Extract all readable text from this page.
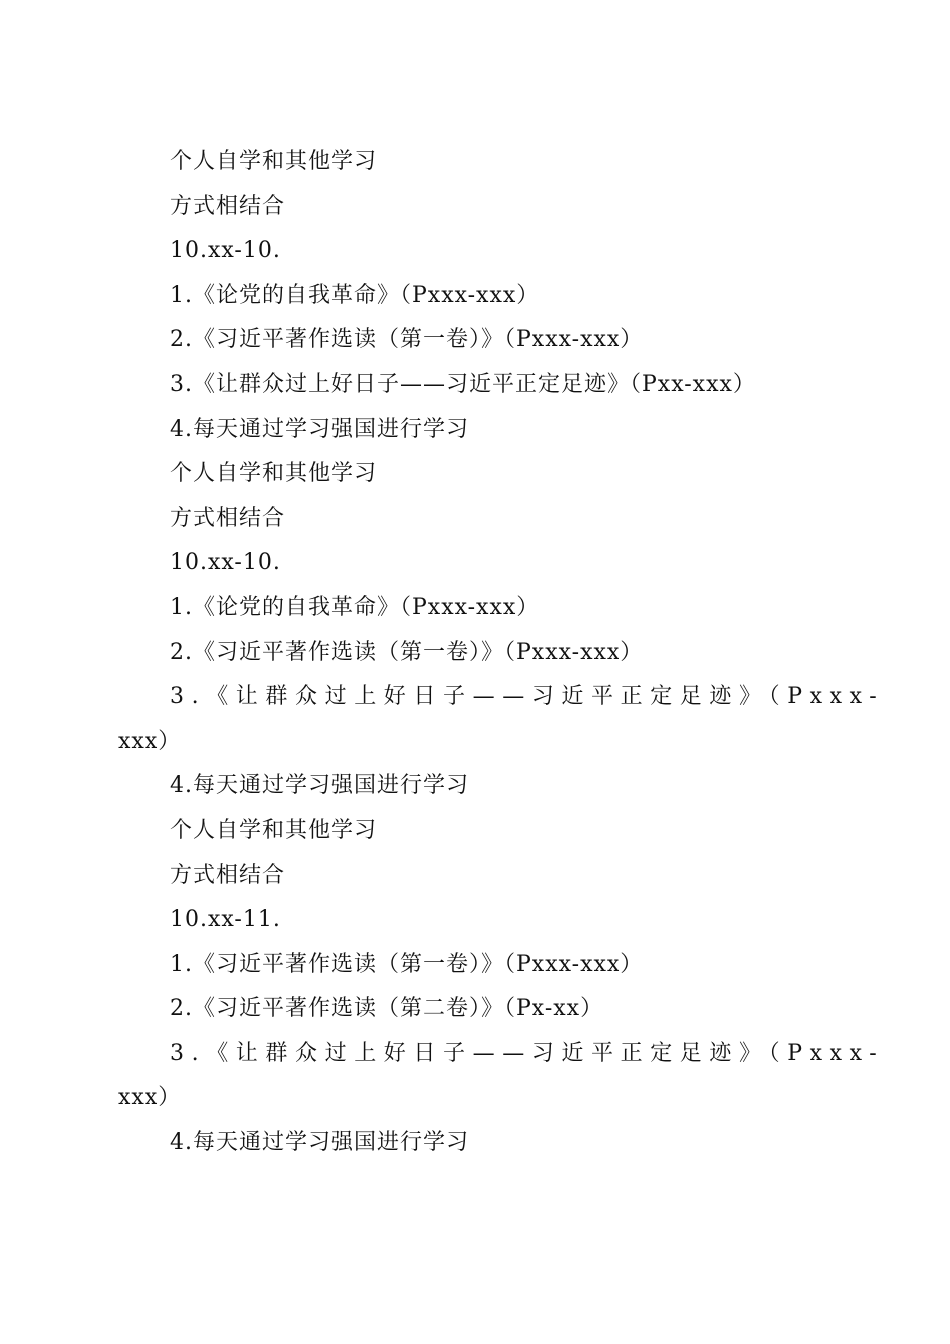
个人自学和其他学习
方式相结合
10.xx-10.
1.《论党的自我革命》（Pxxx-xxx）
2.《习近平著作选读（第一卷）》（Pxxx-xxx）
3.《让群众过上好日子——习近平正定足迹》（Pxx-xxx）
4.每天通过学习强国进行学习
个人自学和其他学习
方式相结合
10.xx-10.
1.《论党的自我革命》（Pxxx-xxx）
2.《习近平著作选读（第一卷）》（Pxxx-xxx）
3.《让群众过上好日子——习近平正定足迹》（Pxxx-
xxx）
4.每天通过学习强国进行学习
个人自学和其他学习
方式相结合
10.xx-11.
1.《习近平著作选读（第一卷）》（Pxxx-xxx）
2.《习近平著作选读（第二卷）》（Px-xx）
3.《让群众过上好日子——习近平正定足迹》（Pxxx-
xxx）
4.每天通过学习强国进行学习
